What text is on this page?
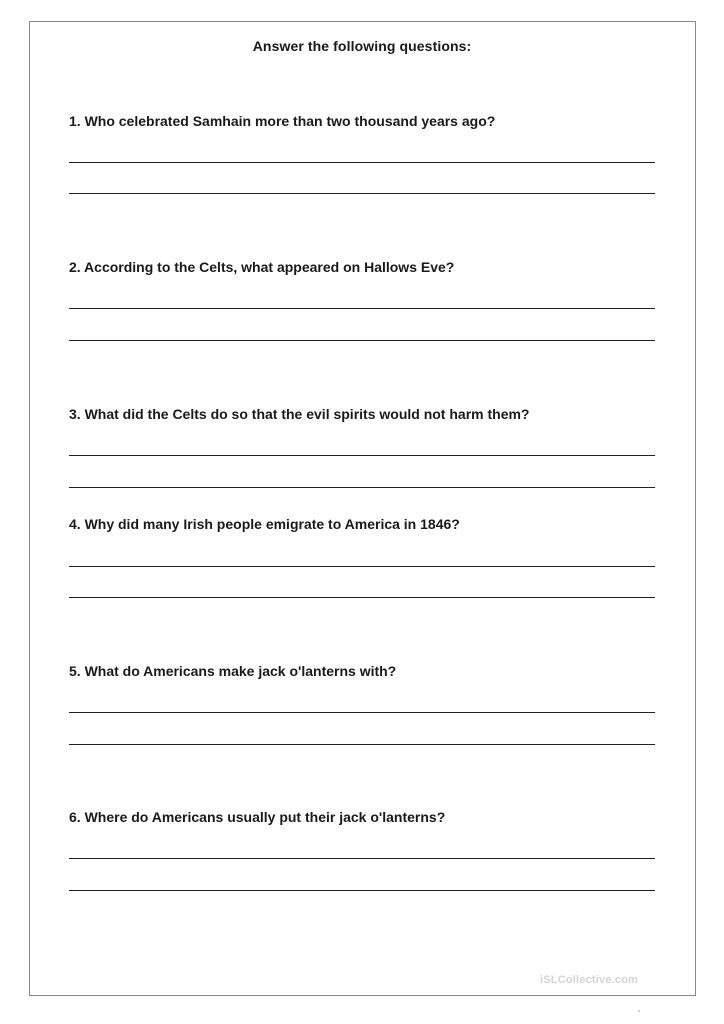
Answer the following questions:
1. Who celebrated Samhain more than two thousand years ago?
2. According to the Celts, what appeared on Hallows Eve?
3. What did the Celts do so that the evil spirits would not harm them?
4. Why did many Irish people emigrate to America in 1846?
5. What do Americans make jack o'lanterns with?
6. Where do Americans usually put their jack o'lanterns?
iSLCollective.com
